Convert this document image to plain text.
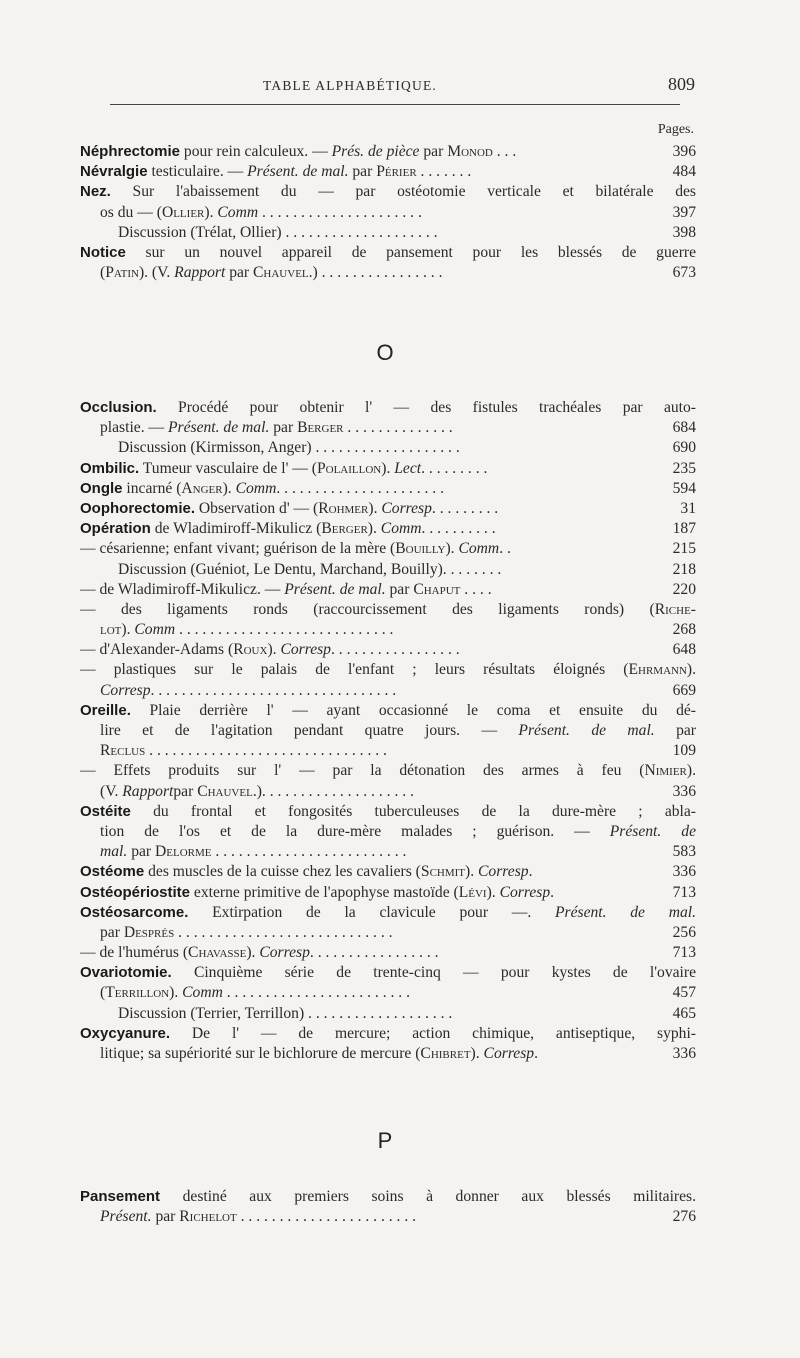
TABLE ALPHABÉTIQUE.	809
Pages.
Néphrectomie pour rein calculeux. — Prés. de pièce par Monod . . .	396
Névralgie testiculaire. — Présent. de mal. par Périer . . . . . . .	484
Nez. Sur l'abaissement du — par ostéotomie verticale et bilatérale des
os du — (Ollier). Comm . . . . . . . . . . . . . . . . . . . . .	397
Discussion (Trélat, Ollier) . . . . . . . . . . . . . . . . . . . .	398
Notice sur un nouvel appareil de pansement pour les blessés de guerre
(Patin). (V. Rapport par Chauvel.) . . . . . . . . . . . . . . . .	673
O
Occlusion. Procédé pour obtenir l' — des fistules trachéales par auto-
plastie. — Présent. de mal. par Berger . . . . . . . . . . . . . .	684
Discussion (Kirmisson, Anger) . . . . . . . . . . . . . . . . . . .	690
Ombilic. Tumeur vasculaire de l' — (Polaillon). Lect. . . . . . . . .	235
Ongle incarné (Anger). Comm. . . . . . . . . . . . . . . . . . . . . .	594
Oophorectomie. Observation d' — (Rohmer). Corresp. . . . . . . . .	31
Opération de Wladimiroff-Mikulicz (Berger). Comm. . . . . . . . . .	187
— césarienne; enfant vivant; guérison de la mère (Bouilly). Comm. .	215
Discussion (Guéniot, Le Dentu, Marchand, Bouilly). . . . . . . .	218
— de Wladimiroff-Mikulicz. — Présent. de mal. par Chaput . . . .	220
— des ligaments ronds (raccourcissement des ligaments ronds) (Riche-
lot). Comm . . . . . . . . . . . . . . . . . . . . . . . . . . . .	268
— d'Alexander-Adams (Roux). Corresp. . . . . . . . . . . . . . . . .	648
— plastiques sur le palais de l'enfant ; leurs résultats éloignés (Ehrmann).
Corresp. . . . . . . . . . . . . . . . . . . . . . . . . . . . . . . .	669
Oreille. Plaie derrière l' — ayant occasionné le coma et ensuite du dé-
lire et de l'agitation pendant quatre jours. — Présent. de mal. par
Reclus . . . . . . . . . . . . . . . . . . . . . . . . . . . . . . .	109
— Effets produits sur l' — par la détonation des armes à feu (Nimier).
(V. Rapportpar Chauvel.). . . . . . . . . . . . . . . . . . . .	336
Ostéite du frontal et fongosités tuberculeuses de la dure-mère ; abla-
tion de l'os et de la dure-mère malades ; guérison. — Présent. de
mal. par Delorme . . . . . . . . . . . . . . . . . . . . . . . . .	583
Ostéome des muscles de la cuisse chez les cavaliers (Schmit). Corresp.	336
Ostéopériostite externe primitive de l'apophyse mastoïde (Lévi). Corresp.	713
Ostéosarcome. Extirpation de la clavicule pour —. Présent. de mal.
par Després . . . . . . . . . . . . . . . . . . . . . . . . . . . .	256
— de l'humérus (Chavasse). Corresp. . . . . . . . . . . . . . . . .	713
Ovariotomie. Cinquième série de trente-cinq — pour kystes de l'ovaire
(Terrillon). Comm . . . . . . . . . . . . . . . . . . . . . . . .	457
Discussion (Terrier, Terrillon) . . . . . . . . . . . . . . . . . . .	465
Oxycyanure. De l' — de mercure; action chimique, antiseptique, syphi-
litique; sa supériorité sur le bichlorure de mercure (Chibret). Corresp.	336
P
Pansement destiné aux premiers soins à donner aux blessés militaires.
Présent. par Richelot . . . . . . . . . . . . . . . . . . . . . . .	276
